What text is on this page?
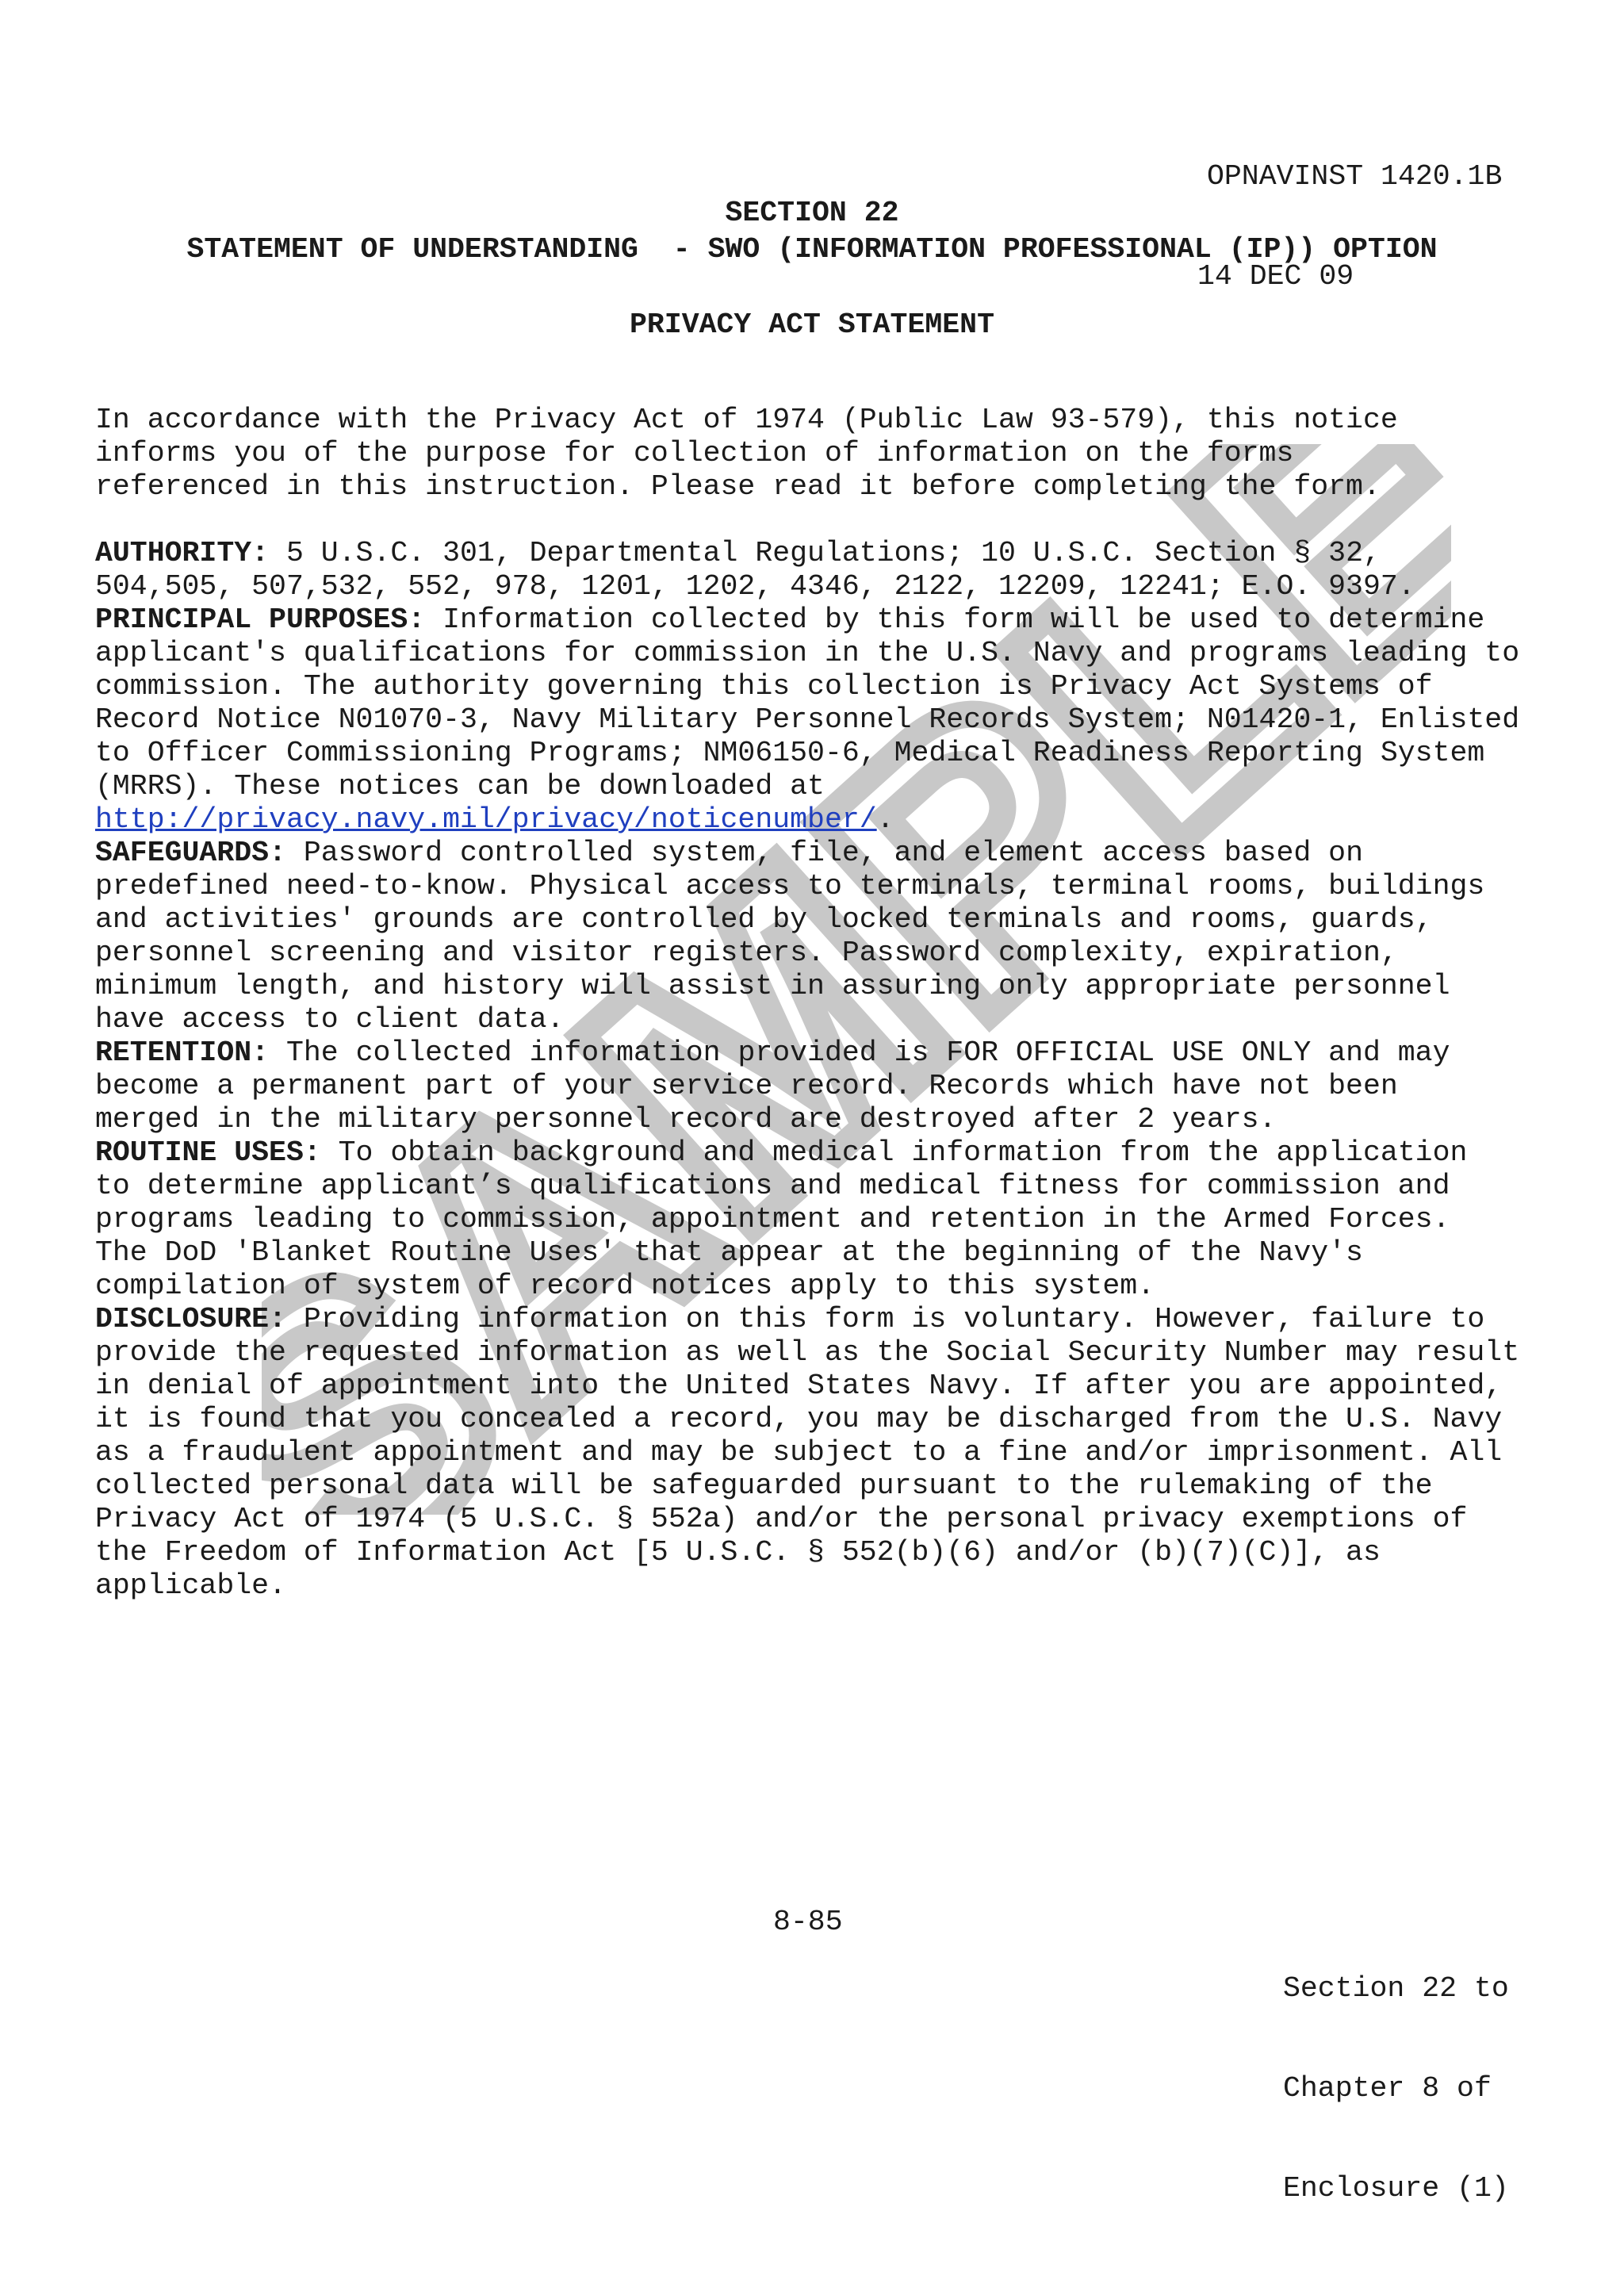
SAMPLE

OPNAVINST 1420.1B

14 DEC 09

SECTION 22
STATEMENT OF UNDERSTANDING  - SWO (INFORMATION PROFESSIONAL (IP)) OPTION
PRIVACY ACT STATEMENT

In accordance with the Privacy Act of 1974 (Public Law 93-579), this notice
informs you of the purpose for collection of information on the forms
referenced in this instruction. Please read it before completing the form.

AUTHORITY: 5 U.S.C. 301, Departmental Regulations; 10 U.S.C. Section § 32,
504,505, 507,532, 552, 978, 1201, 1202, 4346, 2122, 12209, 12241; E.O. 9397.

PRINCIPAL PURPOSES: Information collected by this form will be used to determine
applicant's qualifications for commission in the U.S. Navy and programs leading to
commission. The authority governing this collection is Privacy Act Systems of
Record Notice N01070-3, Navy Military Personnel Records System; N01420-1, Enlisted
to Officer Commissioning Programs; NM06150-6, Medical Readiness Reporting System
(MRRS). These notices can be downloaded at
http://privacy.navy.mil/privacy/noticenumber/.

SAFEGUARDS: Password controlled system, file, and element access based on
predefined need-to-know. Physical access to terminals, terminal rooms, buildings
and activities' grounds are controlled by locked terminals and rooms, guards,
personnel screening and visitor registers. Password complexity, expiration,
minimum length, and history will assist in assuring only appropriate personnel
have access to client data.

RETENTION: The collected information provided is FOR OFFICIAL USE ONLY and may
become a permanent part of your service record. Records which have not been
merged in the military personnel record are destroyed after 2 years.

ROUTINE USES: To obtain background and medical information from the application
to determine applicant’s qualifications and medical fitness for commission and
programs leading to commission, appointment and retention in the Armed Forces.
The DoD 'Blanket Routine Uses' that appear at the beginning of the Navy's
compilation of system of record notices apply to this system.

DISCLOSURE: Providing information on this form is voluntary. However, failure to
provide the requested information as well as the Social Security Number may result
in denial of appointment into the United States Navy. If after you are appointed,
it is found that you concealed a record, you may be discharged from the U.S. Navy
as a fraudulent appointment and may be subject to a fine and/or imprisonment. All
collected personal data will be safeguarded pursuant to the rulemaking of the
Privacy Act of 1974 (5 U.S.C. § 552a) and/or the personal privacy exemptions of
the Freedom of Information Act [5 U.S.C. § 552(b)(6) and/or (b)(7)(C)], as
applicable.

8-85

Section 22 to

Chapter 8 of

Enclosure (1)
